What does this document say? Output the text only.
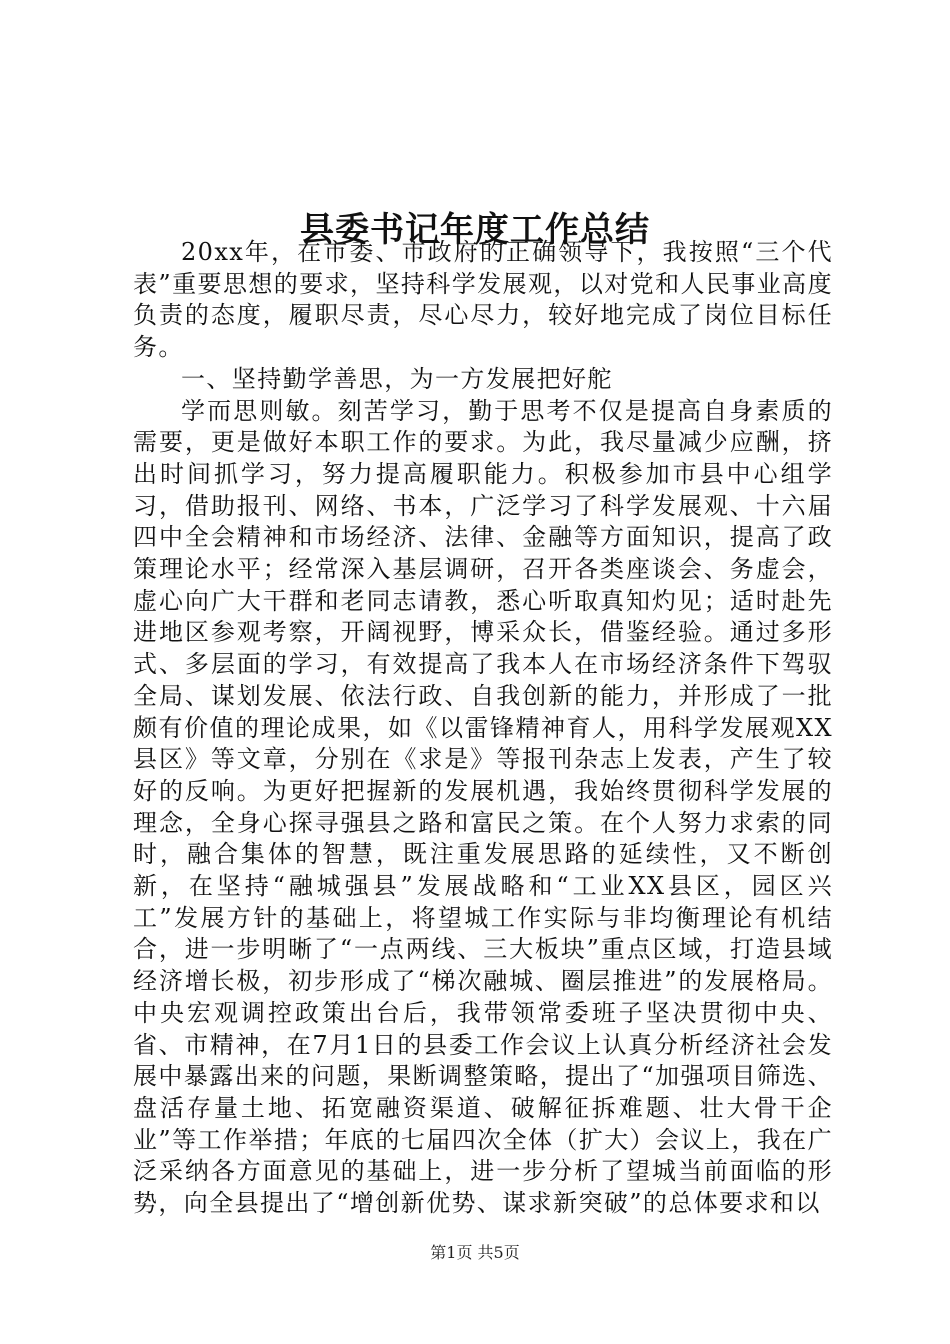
县委书记年度工作总结

20xx年，在市委、市政府的正确领导下，我按照“三个代表”重要思想的要求，坚持科学发展观，以对党和人民事业高度负责的态度，履职尽责，尽心尽力，较好地完成了岗位目标任务。

一、坚持勤学善思，为一方发展把好舵

学而思则敏。刻苦学习，勤于思考不仅是提高自身素质的需要，更是做好本职工作的要求。为此，我尽量减少应酬，挤出时间抓学习，努力提高履职能力。积极参加市县中心组学习，借助报刊、网络、书本，广泛学习了科学发展观、十六届四中全会精神和市场经济、法律、金融等方面知识，提高了政策理论水平；经常深入基层调研，召开各类座谈会、务虚会，虚心向广大干群和老同志请教，悉心听取真知灼见；适时赴先进地区参观考察，开阔视野，博采众长，借鉴经验。通过多形式、多层面的学习，有效提高了我本人在市场经济条件下驾驭全局、谋划发展、依法行政、自我创新的能力，并形成了一批颇有价值的理论成果，如《以雷锋精神育人，用科学发展观XX县区》等文章，分别在《求是》等报刊杂志上发表，产生了较好的反响。为更好把握新的发展机遇，我始终贯彻科学发展的理念，全身心探寻强县之路和富民之策。在个人努力求索的同时，融合集体的智慧，既注重发展思路的延续性，又不断创新，在坚持“融城强县”发展战略和“工业XX县区，园区兴工”发展方针的基础上，将望城工作实际与非均衡理论有机结合，进一步明晰了“一点两线、三大板块”重点区域，打造县域经济增长极，初步形成了“梯次融城、圈层推进”的发展格局。中央宏观调控政策出台后，我带领常委班子坚决贯彻中央、省、市精神，在7月1日的县委工作会议上认真分析经济社会发展中暴露出来的问题，果断调整策略，提出了“加强项目筛选、盘活存量土地、拓宽融资渠道、破解征拆难题、壮大骨干企业”等工作举措；年底的七届四次全体（扩大）会议上，我在广泛采纳各方面意见的基础上，进一步分析了望城当前面临的形势，向全县提出了“增创新优势、谋求新突破”的总体要求和以

第1页 共5页
